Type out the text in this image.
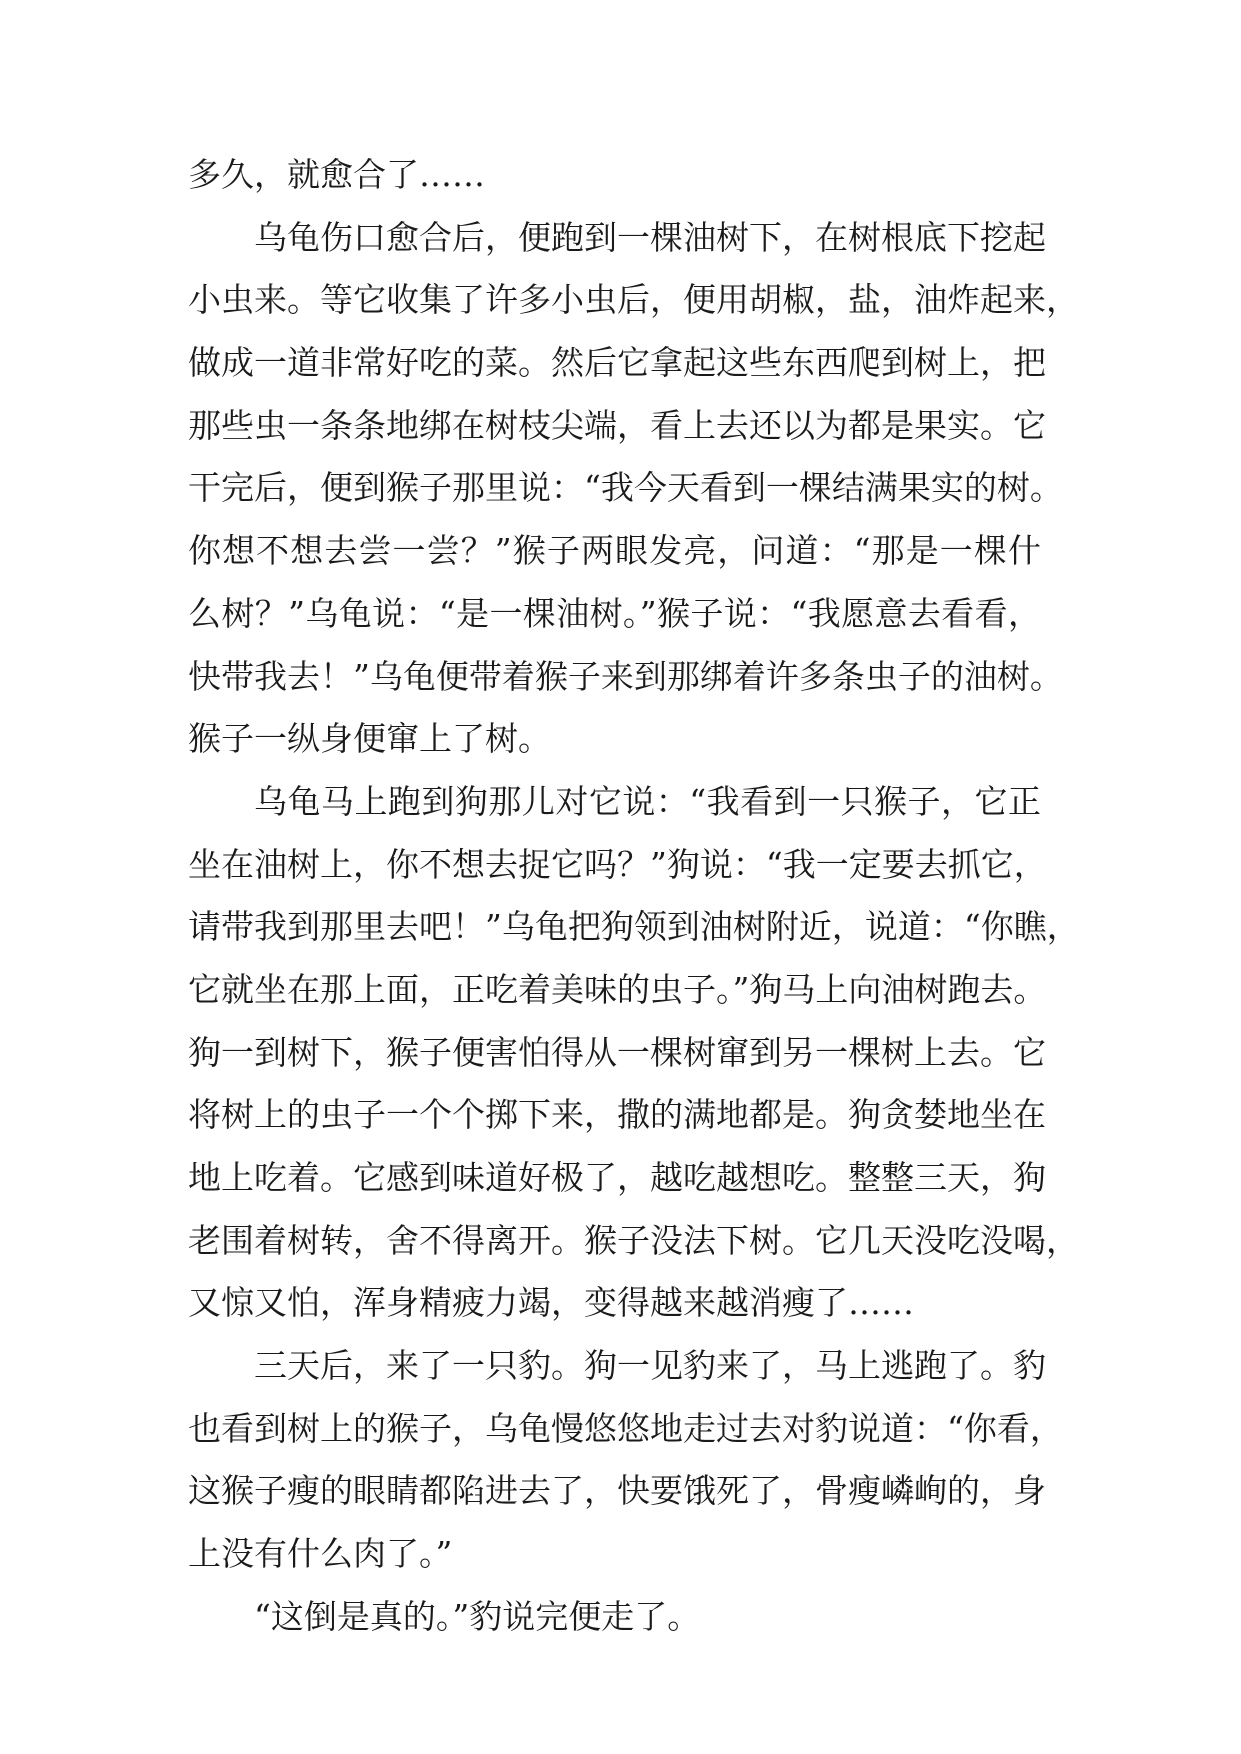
多久，就愈合了……
乌龟伤口愈合后，便跑到一棵油树下，在树根底下挖起
小虫来。等它收集了许多小虫后，便用胡椒，盐，油炸起来，
做成一道非常好吃的菜。然后它拿起这些东西爬到树上，把
那些虫一条条地绑在树枝尖端，看上去还以为都是果实。它
干完后，便到猴子那里说：“我今天看到一棵结满果实的树。
你想不想去尝一尝？”猴子两眼发亮，问道：“那是一棵什
么树？”乌龟说：“是一棵油树。”猴子说：“我愿意去看看，
快带我去！”乌龟便带着猴子来到那绑着许多条虫子的油树。
猴子一纵身便窜上了树。
乌龟马上跑到狗那儿对它说：“我看到一只猴子，它正
坐在油树上，你不想去捉它吗？”狗说：“我一定要去抓它，
请带我到那里去吧！”乌龟把狗领到油树附近，说道：“你瞧，
它就坐在那上面，正吃着美味的虫子。”狗马上向油树跑去。
狗一到树下，猴子便害怕得从一棵树窜到另一棵树上去。它
将树上的虫子一个个掷下来，撒的满地都是。狗贪婪地坐在
地上吃着。它感到味道好极了，越吃越想吃。整整三天，狗
老围着树转，舍不得离开。猴子没法下树。它几天没吃没喝，
又惊又怕，浑身精疲力竭，变得越来越消瘦了……
三天后，来了一只豹。狗一见豹来了，马上逃跑了。豹
也看到树上的猴子，乌龟慢悠悠地走过去对豹说道：“你看，
这猴子瘦的眼睛都陷进去了，快要饿死了，骨瘦嶙峋的，身
上没有什么肉了。”
“这倒是真的。”豹说完便走了。
